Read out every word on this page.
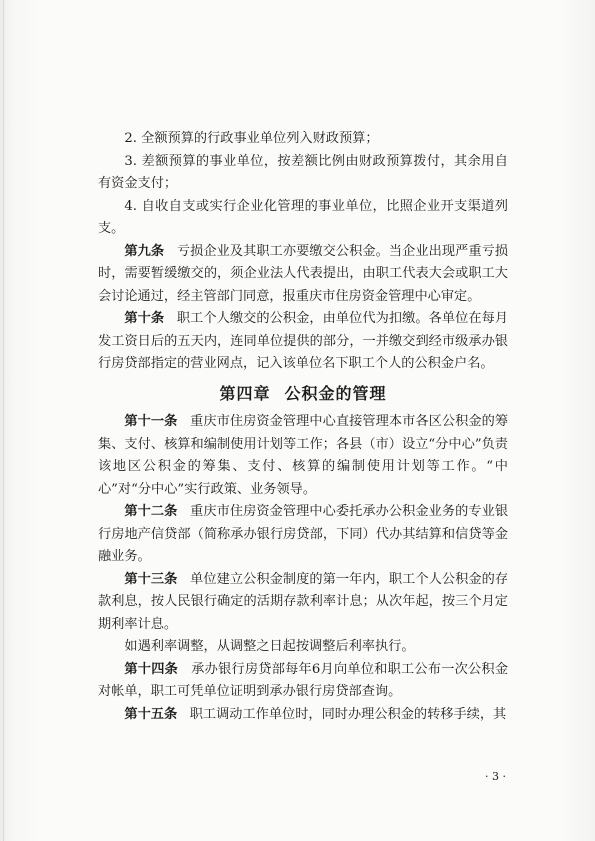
2. 全额预算的行政事业单位列入财政预算；

3. 差额预算的事业单位，按差额比例由财政预算拨付，其余用自有资金支付；

4. 自收自支或实行企业化管理的事业单位，比照企业开支渠道列支。

第九条 亏损企业及其职工亦要缴交公积金。当企业出现严重亏损时，需要暂缓缴交的，须企业法人代表提出，由职工代表大会或职工大会讨论通过，经主管部门同意，报重庆市住房资金管理中心审定。

第十条 职工个人缴交的公积金，由单位代为扣缴。各单位在每月发工资日后的五天内，连同单位提供的部分，一并缴交到经市级承办银行房贷部指定的营业网点，记入该单位名下职工个人的公积金户名。

第四章 公积金的管理

第十一条 重庆市住房资金管理中心直接管理本市各区公积金的筹集、支付、核算和编制使用计划等工作；各县（市）设立“分中心”负责该地区公积金的筹集、支付、核算的编制使用计划等工作。“中心”对“分中心”实行政策、业务领导。

第十二条 重庆市住房资金管理中心委托承办公积金业务的专业银行房地产信贷部（简称承办银行房贷部，下同）代办其结算和信贷等金融业务。

第十三条 单位建立公积金制度的第一年内，职工个人公积金的存款利息，按人民银行确定的活期存款利率计息；从次年起，按三个月定期利率计息。

如遇利率调整，从调整之日起按调整后利率执行。

第十四条 承办银行房贷部每年6月向单位和职工公布一次公积金对帐单，职工可凭单位证明到承办银行房贷部查询。

第十五条 职工调动工作单位时，同时办理公积金的转移手续，其

· 3 ·
